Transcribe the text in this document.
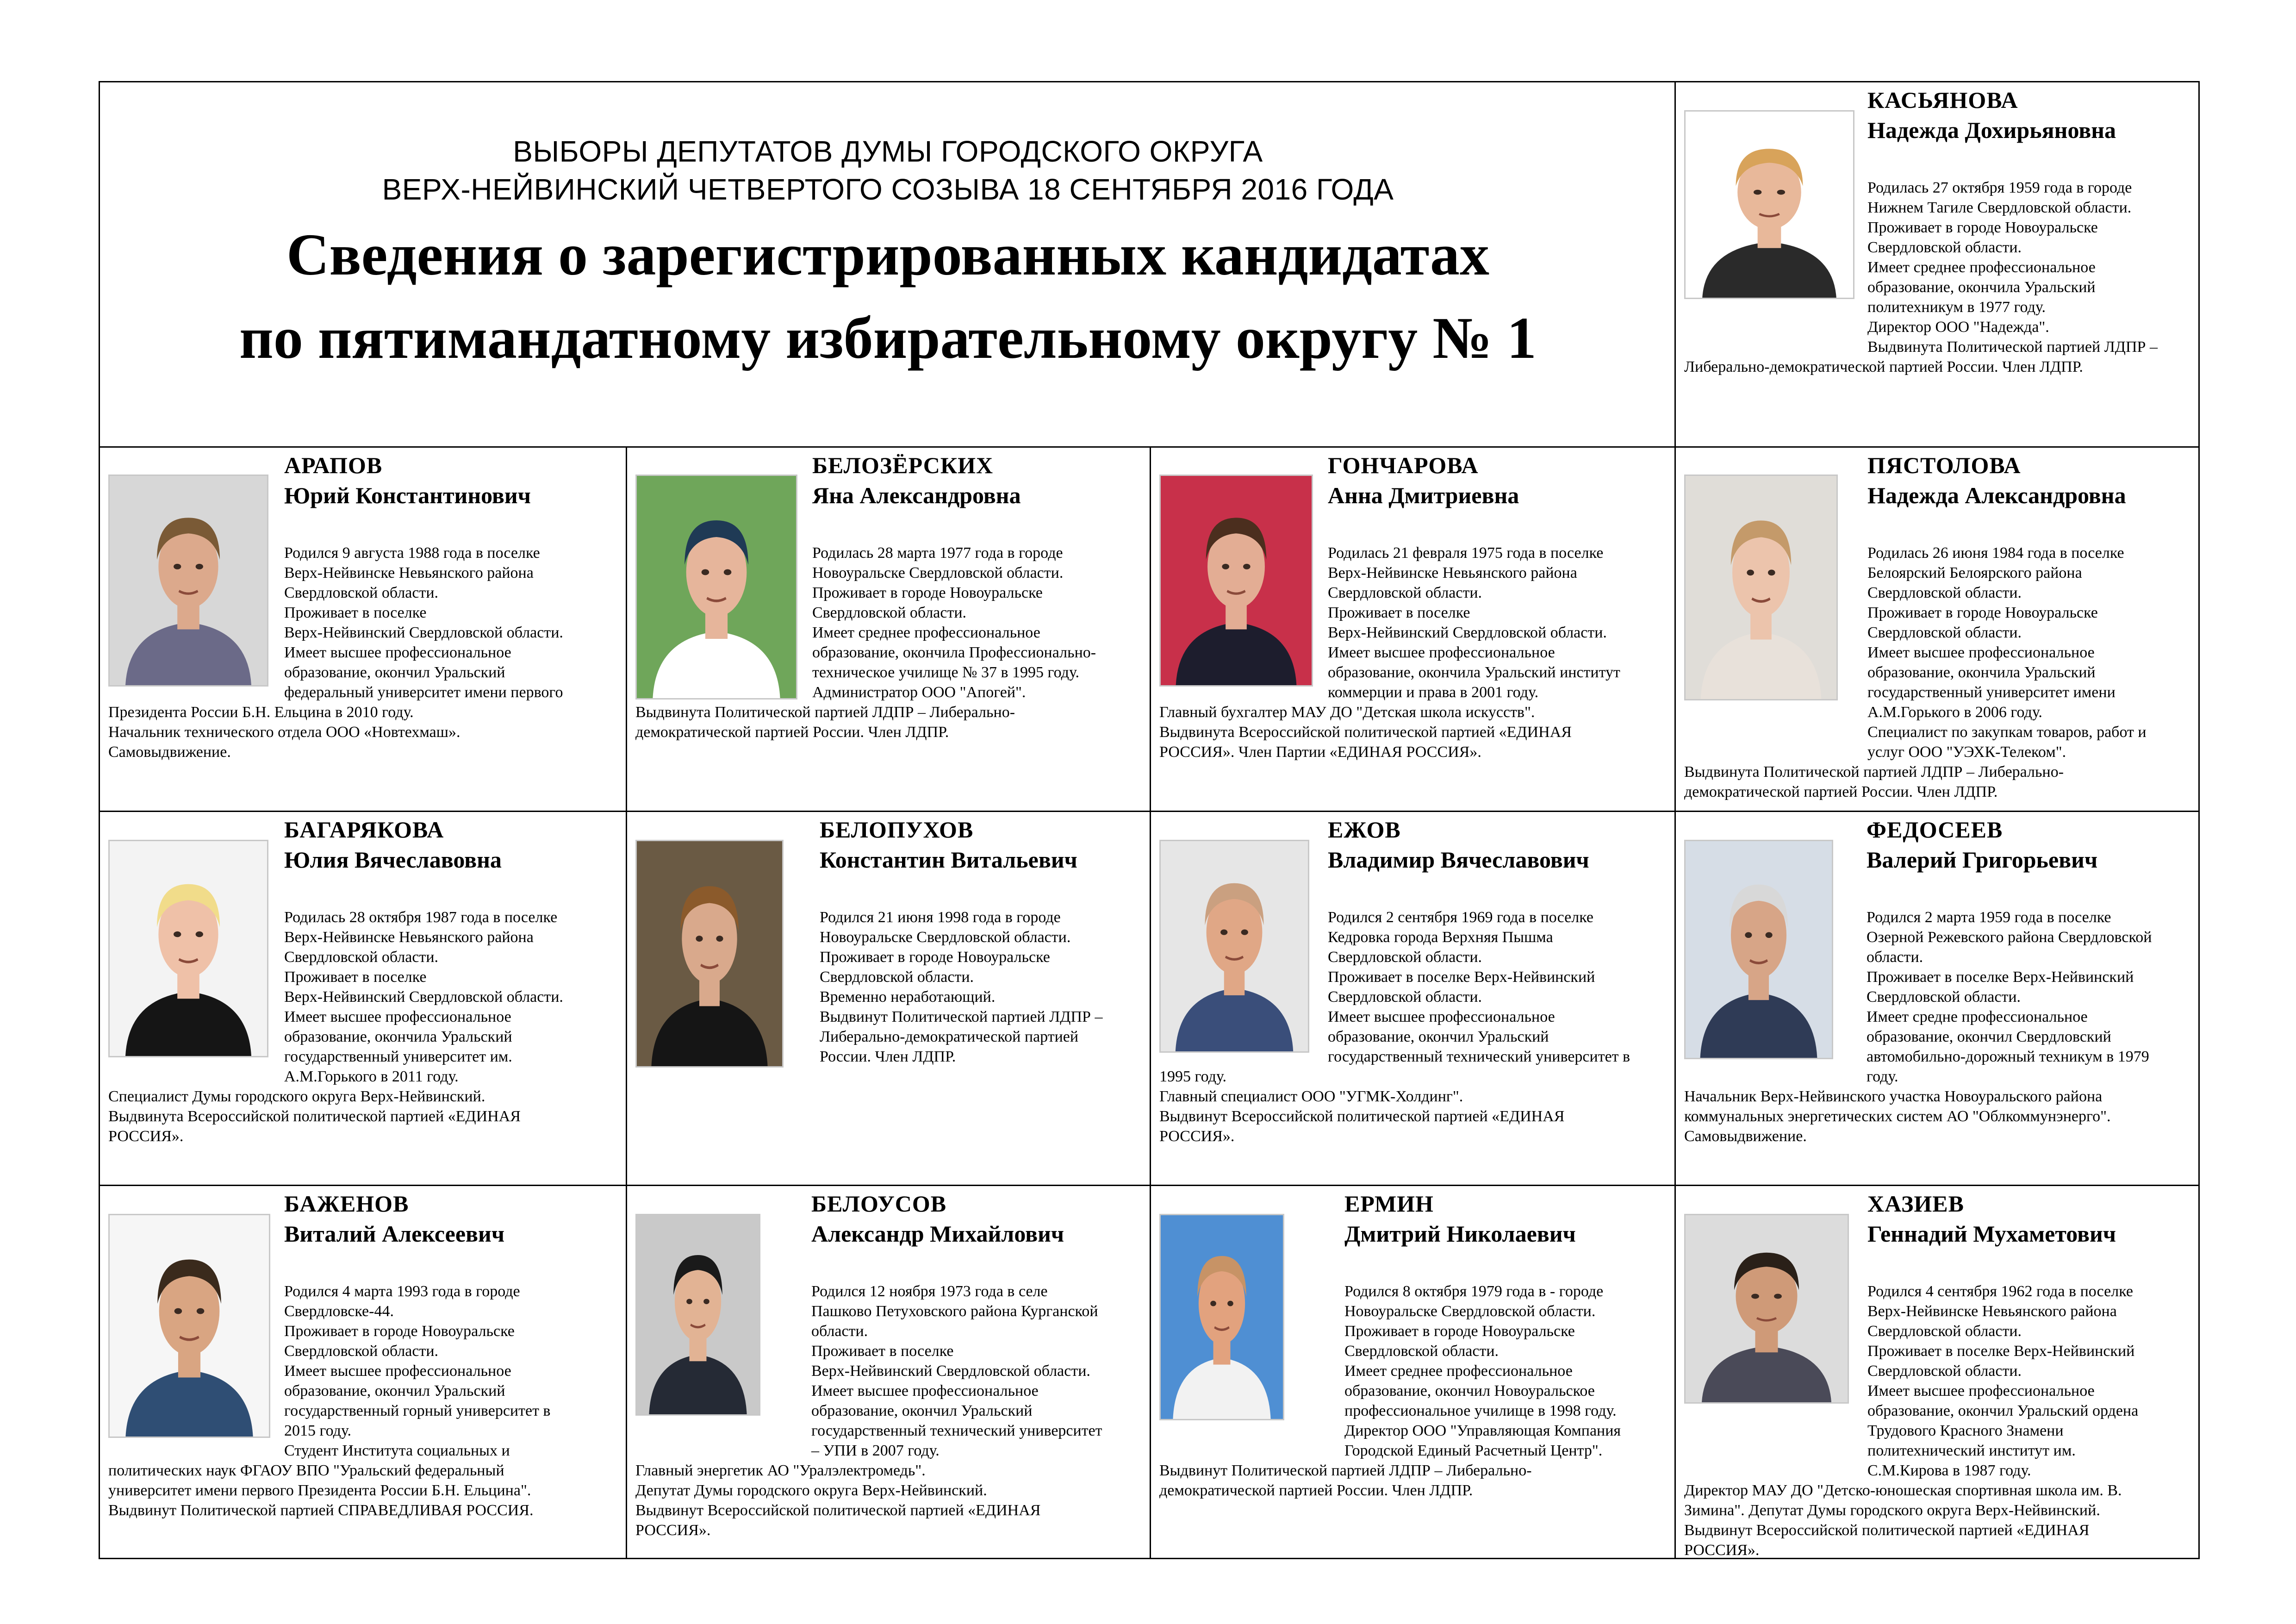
ВЫБОРЫ ДЕПУТАТОВ ДУМЫ ГОРОДСКОГО ОКРУГА
ВЕРХ-НЕЙВИНСКИЙ ЧЕТВЕРТОГО СОЗЫВА 18 СЕНТЯБРЯ 2016 ГОДА
Сведения о зарегистрированных кандидатах
по пятимандатному избирательному округу № 1
КАСЬЯНОВА
Надежда Дохирьяновна
Родилась 27 октября 1959 года в городе
Нижнем Тагиле Свердловской области.
Проживает в городе Новоуральске
Свердловской области.
Имеет среднее профессиональное
образование, окончила Уральский
политехникум в 1977 году.
Директор ООО "Надежда".
Выдвинута Политической партией ЛДПР –
Либерально-демократической партией России. Член ЛДПР.
АРАПОВ
Юрий Константинович
Родился 9 августа 1988 года в поселке
Верх-Нейвинске Невьянского района
Свердловской области.
Проживает в поселке
Верх-Нейвинский Свердловской области.
Имеет высшее профессиональное
образование, окончил Уральский
федеральный университет имени первого
Президента России Б.Н. Ельцина в 2010 году.
Начальник технического отдела ООО «Новтехмаш».
Самовыдвижение.
БЕЛОЗЁРСКИХ
Яна Александровна
Родилась 28 марта 1977 года в городе
Новоуральске Свердловской области.
Проживает в городе Новоуральске
Свердловской области.
Имеет среднее профессиональное
образование, окончила Профессионально-
техническое училище № 37 в 1995 году.
Администратор ООО "Апогей".
Выдвинута Политической партией ЛДПР – Либерально-
демократической партией России. Член ЛДПР.
ГОНЧАРОВА
Анна Дмитриевна
Родилась 21 февраля 1975 года в поселке
Верх-Нейвинске Невьянского района
Свердловской области.
Проживает в поселке
Верх-Нейвинский Свердловской области.
Имеет высшее профессиональное
образование, окончила Уральский институт
коммерции и права в 2001 году.
Главный бухгалтер МАУ ДО "Детская школа искусств".
Выдвинута Всероссийской политической партией «ЕДИНАЯ
РОССИЯ». Член Партии «ЕДИНАЯ РОССИЯ».
ПЯСТОЛОВА
Надежда Александровна
Родилась 26 июня 1984 года в поселке
Белоярский Белоярского района
Свердловской области.
Проживает в городе Новоуральске
Свердловской области.
Имеет высшее профессиональное
образование, окончила Уральский
государственный университет имени
А.М.Горького в 2006 году.
Специалист по закупкам товаров, работ и
услуг ООО "УЭХК-Телеком".
Выдвинута Политической партией ЛДПР – Либерально-
демократической партией России. Член ЛДПР.
БАГАРЯКОВА
Юлия Вячеславовна
Родилась 28 октября 1987 года в поселке
Верх-Нейвинске Невьянского района
Свердловской области.
Проживает в поселке
Верх-Нейвинский Свердловской области.
Имеет высшее профессиональное
образование, окончила Уральский
государственный университет им.
А.М.Горького в 2011 году.
Специалист Думы городского округа Верх-Нейвинский.
Выдвинута Всероссийской политической партией «ЕДИНАЯ
РОССИЯ».
БЕЛОПУХОВ
Константин Витальевич
Родился 21 июня 1998 года в городе
Новоуральске Свердловской области.
Проживает в городе Новоуральске
Свердловской области.
Временно неработающий.
Выдвинут Политической партией ЛДПР –
Либерально-демократической партией
России. Член ЛДПР.
ЕЖОВ
Владимир Вячеславович
Родился 2 сентября 1969 года в поселке
Кедровка города Верхняя Пышма
Свердловской области.
Проживает в поселке Верх-Нейвинский
Свердловской области.
Имеет высшее профессиональное
образование, окончил Уральский
государственный технический университет в
1995 году.
Главный специалист ООО "УГМК-Холдинг".
Выдвинут Всероссийской политической партией «ЕДИНАЯ
РОССИЯ».
ФЕДОСЕЕВ
Валерий Григорьевич
Родился 2 марта 1959 года в поселке
Озерной Режевского района Свердловской
области.
Проживает в поселке Верх-Нейвинский
Свердловской области.
Имеет средне профессиональное
образование, окончил Свердловский
автомобильно-дорожный техникум в 1979
году.
Начальник Верх-Нейвинского участка Новоуральского района
коммунальных энергетических систем АО "Облкоммунэнерго".
Самовыдвижение.
БАЖЕНОВ
Виталий Алексеевич
Родился 4 марта 1993 года в городе
Свердловске-44.
Проживает в городе Новоуральске
Свердловской области.
Имеет высшее профессиональное
образование, окончил Уральский
государственный горный университет в
2015 году.
Студент Института социальных и
политических наук ФГАОУ ВПО "Уральский федеральный
университет имени первого Президента России Б.Н. Ельцина".
Выдвинут Политической партией СПРАВЕДЛИВАЯ РОССИЯ.
БЕЛОУСОВ
Александр Михайлович
Родился 12 ноября 1973 года в селе
Пашково Петуховского района Курганской
области.
Проживает в поселке
Верх-Нейвинский Свердловской области.
Имеет высшее профессиональное
образование, окончил Уральский
государственный технический университет
– УПИ в 2007 году.
Главный энергетик АО "Уралэлектромедь".
Депутат Думы городского округа Верх-Нейвинский.
Выдвинут Всероссийской политической партией «ЕДИНАЯ
РОССИЯ».
ЕРМИН
Дмитрий Николаевич
Родился 8 октября 1979 года в - городе
Новоуральске Свердловской области.
Проживает в городе Новоуральске
Свердловской области.
Имеет среднее профессиональное
образование, окончил Новоуральское
профессиональное училище в 1998 году.
Директор ООО "Управляющая Компания
Городской Единый Расчетный Центр".
Выдвинут Политической партией ЛДПР – Либерально-
демократической партией России. Член ЛДПР.
ХАЗИЕВ
Геннадий Мухаметович
Родился 4 сентября 1962 года в поселке
Верх-Нейвинске Невьянского района
Свердловской области.
Проживает в поселке Верх-Нейвинский
Свердловской области.
Имеет высшее профессиональное
образование, окончил Уральский ордена
Трудового Красного Знамени
политехнический институт им.
С.М.Кирова в 1987 году.
Директор МАУ ДО "Детско-юношеская спортивная школа им. В.
Зимина". Депутат Думы городского округа Верх-Нейвинский.
Выдвинут Всероссийской политической партией «ЕДИНАЯ
РОССИЯ».
